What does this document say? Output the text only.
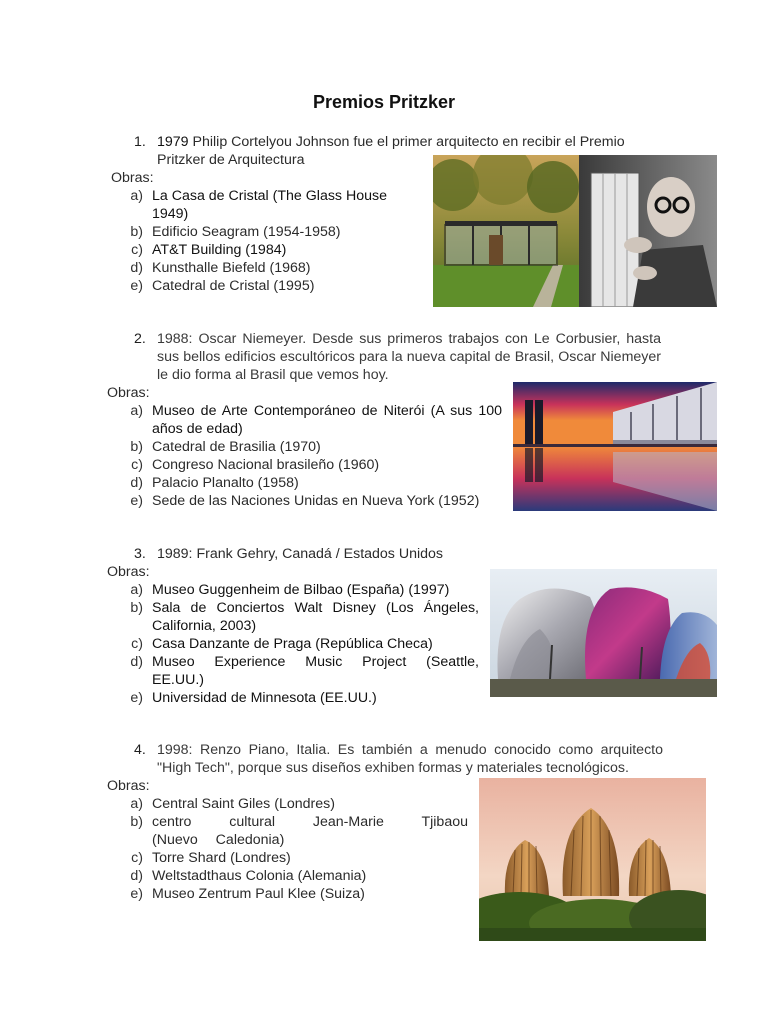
Premios Pritzker
1. 1979 Philip Cortelyou Johnson fue el primer arquitecto en recibir el Premio
Pritzker de Arquitectura
Obras:
a) La Casa de Cristal (The Glass House
1949)
b) Edificio Seagram (1954-1958)
c) AT&T Building (1984)
d) Kunsthalle Biefeld (1968)
e) Catedral de Cristal (1995)
2. 1988: Oscar Niemeyer. Desde sus primeros trabajos con Le Corbusier, hasta sus bellos edificios escultóricos para la nueva capital de Brasil, Oscar Niemeyer le dio forma al Brasil que vemos hoy.
Obras:
a) Museo de Arte Contemporáneo de Niterói (A sus 100 años de edad)
b) Catedral de Brasilia (1970)
c) Congreso Nacional brasileño (1960)
d) Palacio Planalto (1958)
e) Sede de las Naciones Unidas en Nueva York (1952)
3. 1989: Frank Gehry, Canadá / Estados Unidos
Obras:
a) Museo Guggenheim de Bilbao (España) (1997)
b) Sala de Conciertos Walt Disney (Los Ángeles, California, 2003)
c) Casa Danzante de Praga (República Checa)
d) Museo Experience Music Project (Seattle, EE.UU.)
e) Universidad de Minnesota (EE.UU.)
4. 1998: Renzo Piano, Italia. Es también a menudo conocido como arquitecto "High Tech", porque sus diseños exhiben formas y materiales tecnológicos.
Obras:
a) Central Saint Giles (Londres)
b) centro cultural Jean-Marie Tjibaou (Nuevo Caledonia)
c) Torre Shard (Londres)
d) Weltstadthaus Colonia (Alemania)
e) Museo Zentrum Paul Klee (Suiza)
